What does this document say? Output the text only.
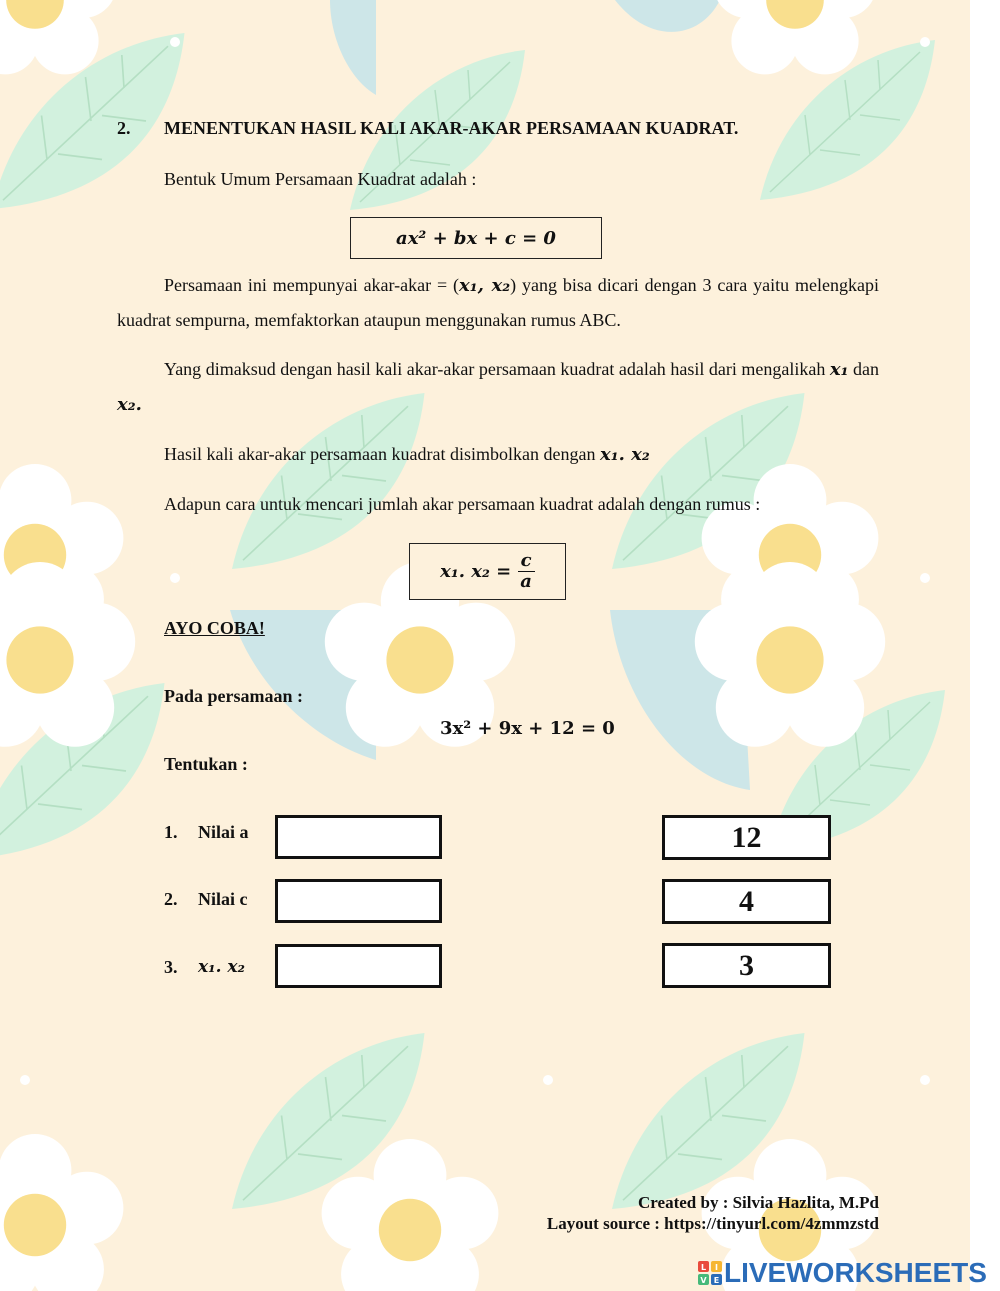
2. MENENTUKAN HASIL KALI AKAR-AKAR PERSAMAAN KUADRAT.
Bentuk Umum Persamaan Kuadrat adalah :
ax² + bx + c = 0
Persamaan ini mempunyai akar-akar = (x₁, x₂) yang bisa dicari dengan 3 cara yaitu melengkapi kuadrat sempurna, memfaktorkan ataupun menggunakan rumus ABC.
Yang dimaksud dengan hasil kali akar-akar persamaan kuadrat adalah hasil dari mengalikah x₁ dan x₂.
Hasil kali akar-akar persamaan kuadrat disimbolkan dengan x₁. x₂
Adapun cara untuk mencari jumlah akar persamaan kuadrat adalah dengan rumus :
x₁. $x_2 = \frac{c}{a}$
AYO COBA!
Pada persamaan :
3x² + 9x + 12 = 0
Tentukan :
1. Nilai a	12
2. Nilai c	4
3. x₁. x₂	3
Created by : Silvia Hazlita, M.Pd
Layout source : https://tinyurl.com/4zmmzstd
L I
V E LIVEWORKSHEETS
